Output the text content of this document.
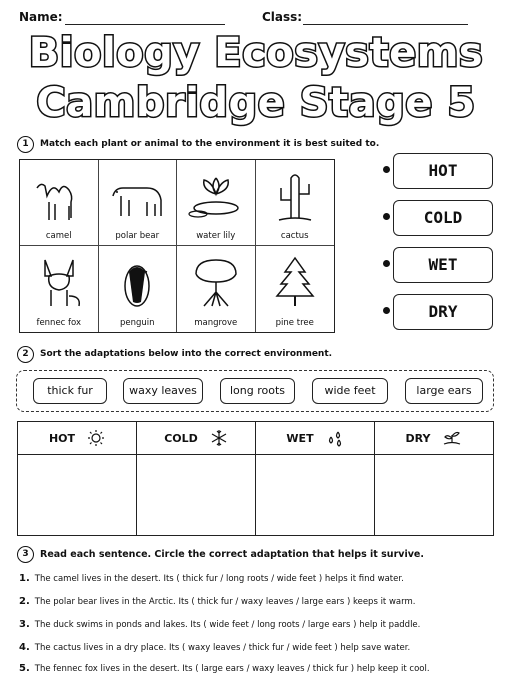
Name:	Class:
Biology Ecosystems
Cambridge Stage 5
1	Match each plant or animal to the environment it is best suited to.
camel	polar bear	water lily	cactus
fennec fox	penguin	mangrove	pine tree
HOT
COLD
WET
DRY
2	Sort the adaptations below into the correct environment.
thick fur	waxy leaves	long roots	wide feet	large ears
HOT	COLD	WET	DRY
3	Read each sentence. Circle the correct adaptation that helps it survive.
1. The camel lives in the desert. Its ( thick fur / long roots / wide feet ) helps it find water.
2. The polar bear lives in the Arctic. Its ( thick fur / waxy leaves / large ears ) keeps it warm.
3. The duck swims in ponds and lakes. Its ( wide feet / long roots / large ears ) help it paddle.
4. The cactus lives in a dry place. Its ( waxy leaves / thick fur / wide feet ) help save water.
5. The fennec fox lives in the desert. Its ( large ears / waxy leaves / thick fur ) help keep it cool.
